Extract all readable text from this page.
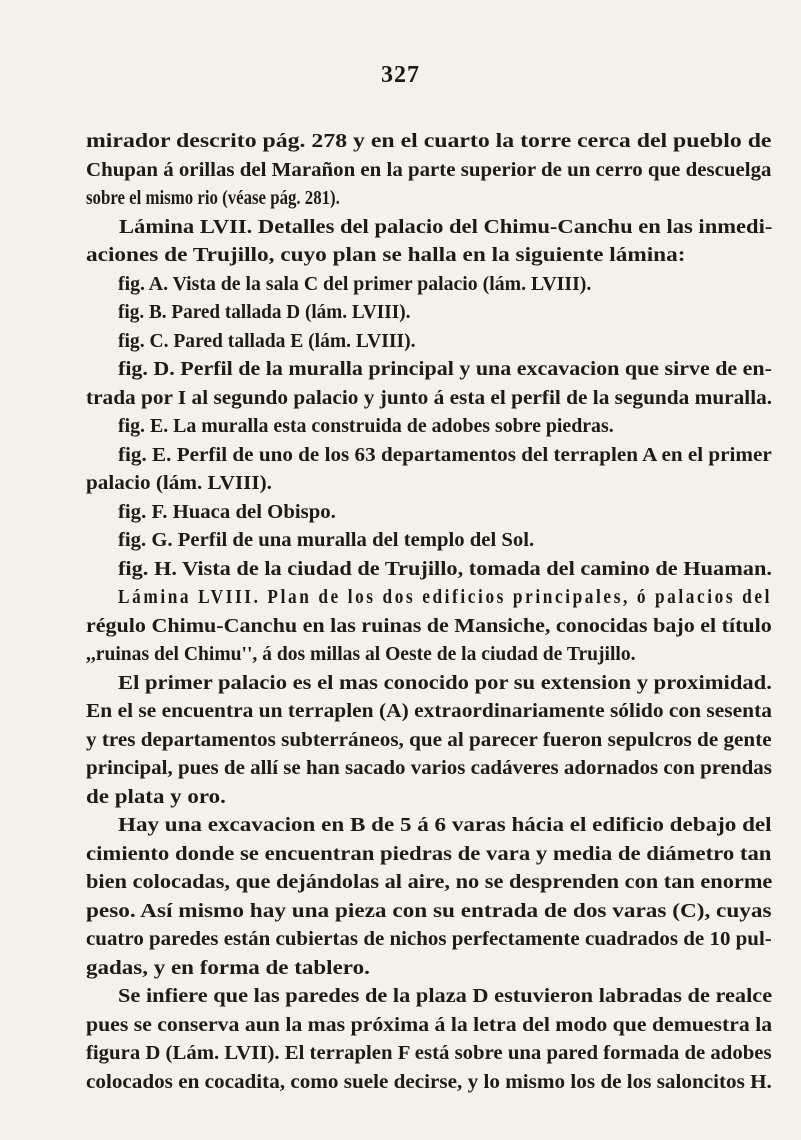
327
mirador descrito pág. 278 y en el cuarto la torre cerca del pueblo de
Chupan á orillas del Marañon en la parte superior de un cerro que descuelga
sobre el mismo rio (véase pág. 281).
Lámina LVII. Detalles del palacio del Chimu-Canchu en las inmedi-
aciones de Trujillo, cuyo plan se halla en la siguiente lámina:
fig. A. Vista de la sala C del primer palacio (lám. LVIII).
fig. B. Pared tallada D (lám. LVIII).
fig. C. Pared tallada E (lám. LVIII).
fig. D. Perfil de la muralla principal y una excavacion que sirve de en-
trada por I al segundo palacio y junto á esta el perfil de la segunda muralla.
fig. E. La muralla esta construida de adobes sobre piedras.
fig. E. Perfil de uno de los 63 departamentos del terraplen A en el primer
palacio (lám. LVIII).
fig. F. Huaca del Obispo.
fig. G. Perfil de una muralla del templo del Sol.
fig. H. Vista de la ciudad de Trujillo, tomada del camino de Huaman.
Lámina LVIII. Plan de los dos edificios principales, ó palacios del
régulo Chimu-Canchu en las ruinas de Mansiche, conocidas bajo el título
,,ruinas del Chimu'', á dos millas al Oeste de la ciudad de Trujillo.
El primer palacio es el mas conocido por su extension y proximidad.
En el se encuentra un terraplen (A) extraordinariamente sólido con sesenta
y tres departamentos subterráneos, que al parecer fueron sepulcros de gente
principal, pues de allí se han sacado varios cadáveres adornados con prendas
de plata y oro.
Hay una excavacion en B de 5 á 6 varas hácia el edificio debajo del
cimiento donde se encuentran piedras de vara y media de diámetro tan
bien colocadas, que dejándolas al aire, no se desprenden con tan enorme
peso. Así mismo hay una pieza con su entrada de dos varas (C), cuyas
cuatro paredes están cubiertas de nichos perfectamente cuadrados de 10 pul-
gadas, y en forma de tablero.
Se infiere que las paredes de la plaza D estuvieron labradas de realce
pues se conserva aun la mas próxima á la letra del modo que demuestra la
figura D (Lám. LVII). El terraplen F está sobre una pared formada de adobes
colocados en cocadita, como suele decirse, y lo mismo los de los saloncitos H.
